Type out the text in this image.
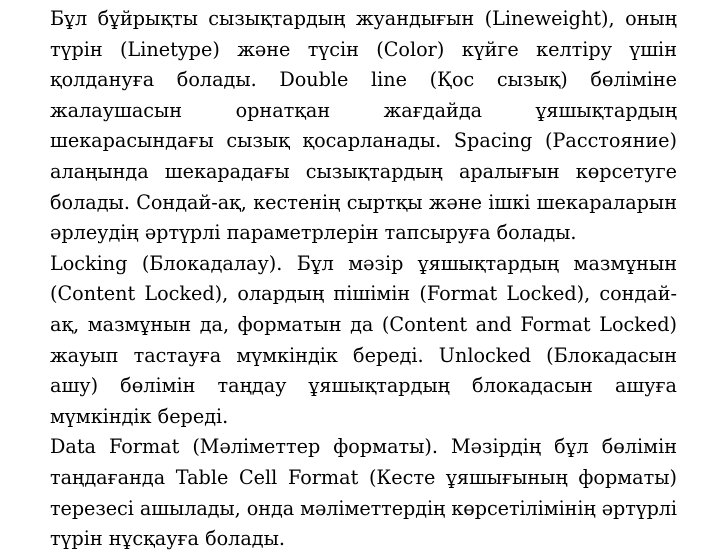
Бұл бұйрықты сызықтардың жуандығын (Lineweight), оның
түрін (Linetype) және түсін (Color) күйге келтіру үшін
қолдануға болады. Double line (Қос сызық) бөліміне
жалаушасын орнатқан жағдайда ұяшықтардың
шекарасындағы сызық қосарланады. Spacing (Расстояние)
алаңында шекарадағы сызықтардың аралығын көрсетуге
болады. Сондай-ақ, кестенің сыртқы және ішкі шекараларын
әрлеудің әртүрлі параметрлерін тапсыруға болады.
Locking (Блокадалау). Бұл мәзір ұяшықтардың мазмұнын
(Content Locked), олардың пішімін (Format Locked), сондай-
ақ, мазмұнын да, форматын да (Content and Format Locked)
жауып тастауға мүмкіндік береді. Unlocked (Блокадасын
ашу) бөлімін таңдау ұяшықтардың блокадасын ашуға
мүмкіндік береді.
Data Format (Мәліметтер форматы). Мәзірдің бұл бөлімін
таңдағанда Table Cell Format (Кесте ұяшығының форматы)
терезесі ашылады, онда мәліметтердің көрсетілімінің әртүрлі
түрін нұсқауға болады.
